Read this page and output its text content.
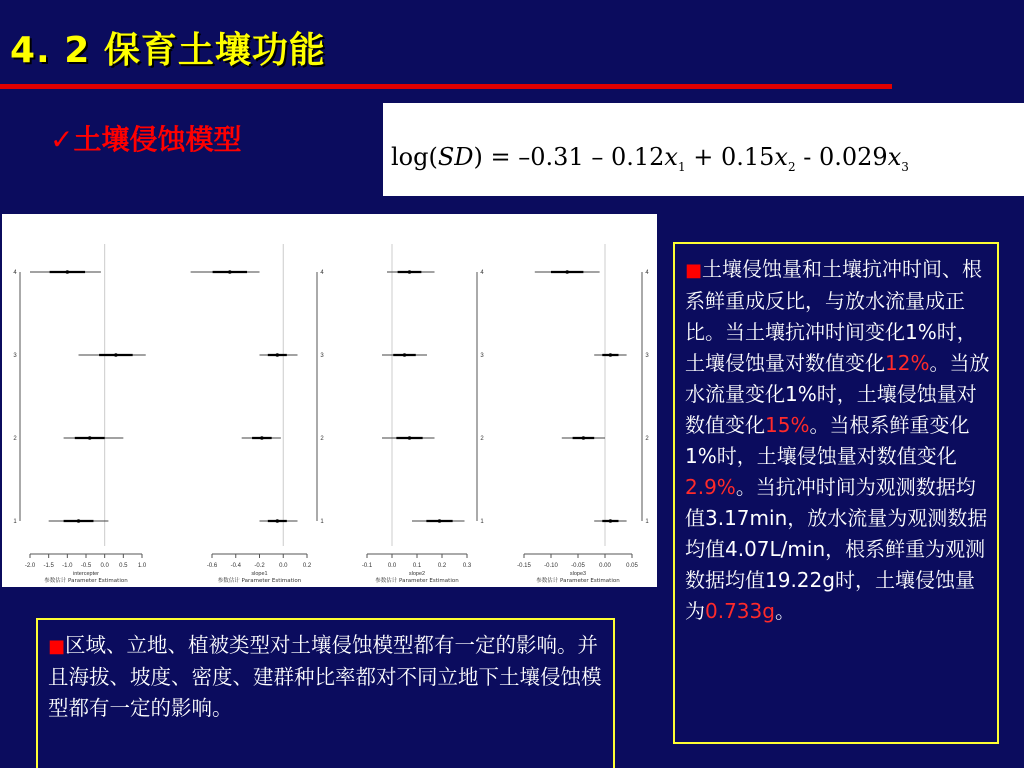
4. 2 保育土壤功能
✓土壤侵蚀模型
$\log(SD) = -0.31 - 0.12x_1 + 0.15x_2 - 0.029x_3$
-2.0 -1.5 -1.0 -0.5 0.0 0.5 1.0
intercepter
参数估计 Parameter Estimation
4
3
2
1
-0.6 -0.4 -0.2 0.0	0.2
slope1
参数估计 Parameter Estimation
4
3
2
1
-0.1	0.0	0.1	0.2	0.3
slope2
参数估计 Parameter Estimation
4
3
2
1
-0.15 -0.10 -0.05 0.00	0.05
slope3
参数估计 Parameter Estimation
4
3
2
1
■土壤侵蚀量和土壤抗冲时间、根系鲜重成反比，与放水流量成正比。当土壤抗冲时间变化1%时，土壤侵蚀量对数值变化12%。当放水流量变化1%时，土壤侵蚀量对数值变化15%。当根系鲜重变化1%时，土壤侵蚀量对数值变化2.9%。当抗冲时间为观测数据均值3.17min，放水流量为观测数据均值4.07L/min，根系鲜重为观测数据均值19.22g时，土壤侵蚀量为0.733g。
■区域、立地、植被类型对土壤侵蚀模型都有一定的影响。并且海拔、坡度、密度、建群种比率都对不同立地下土壤侵蚀模型都有一定的影响。
